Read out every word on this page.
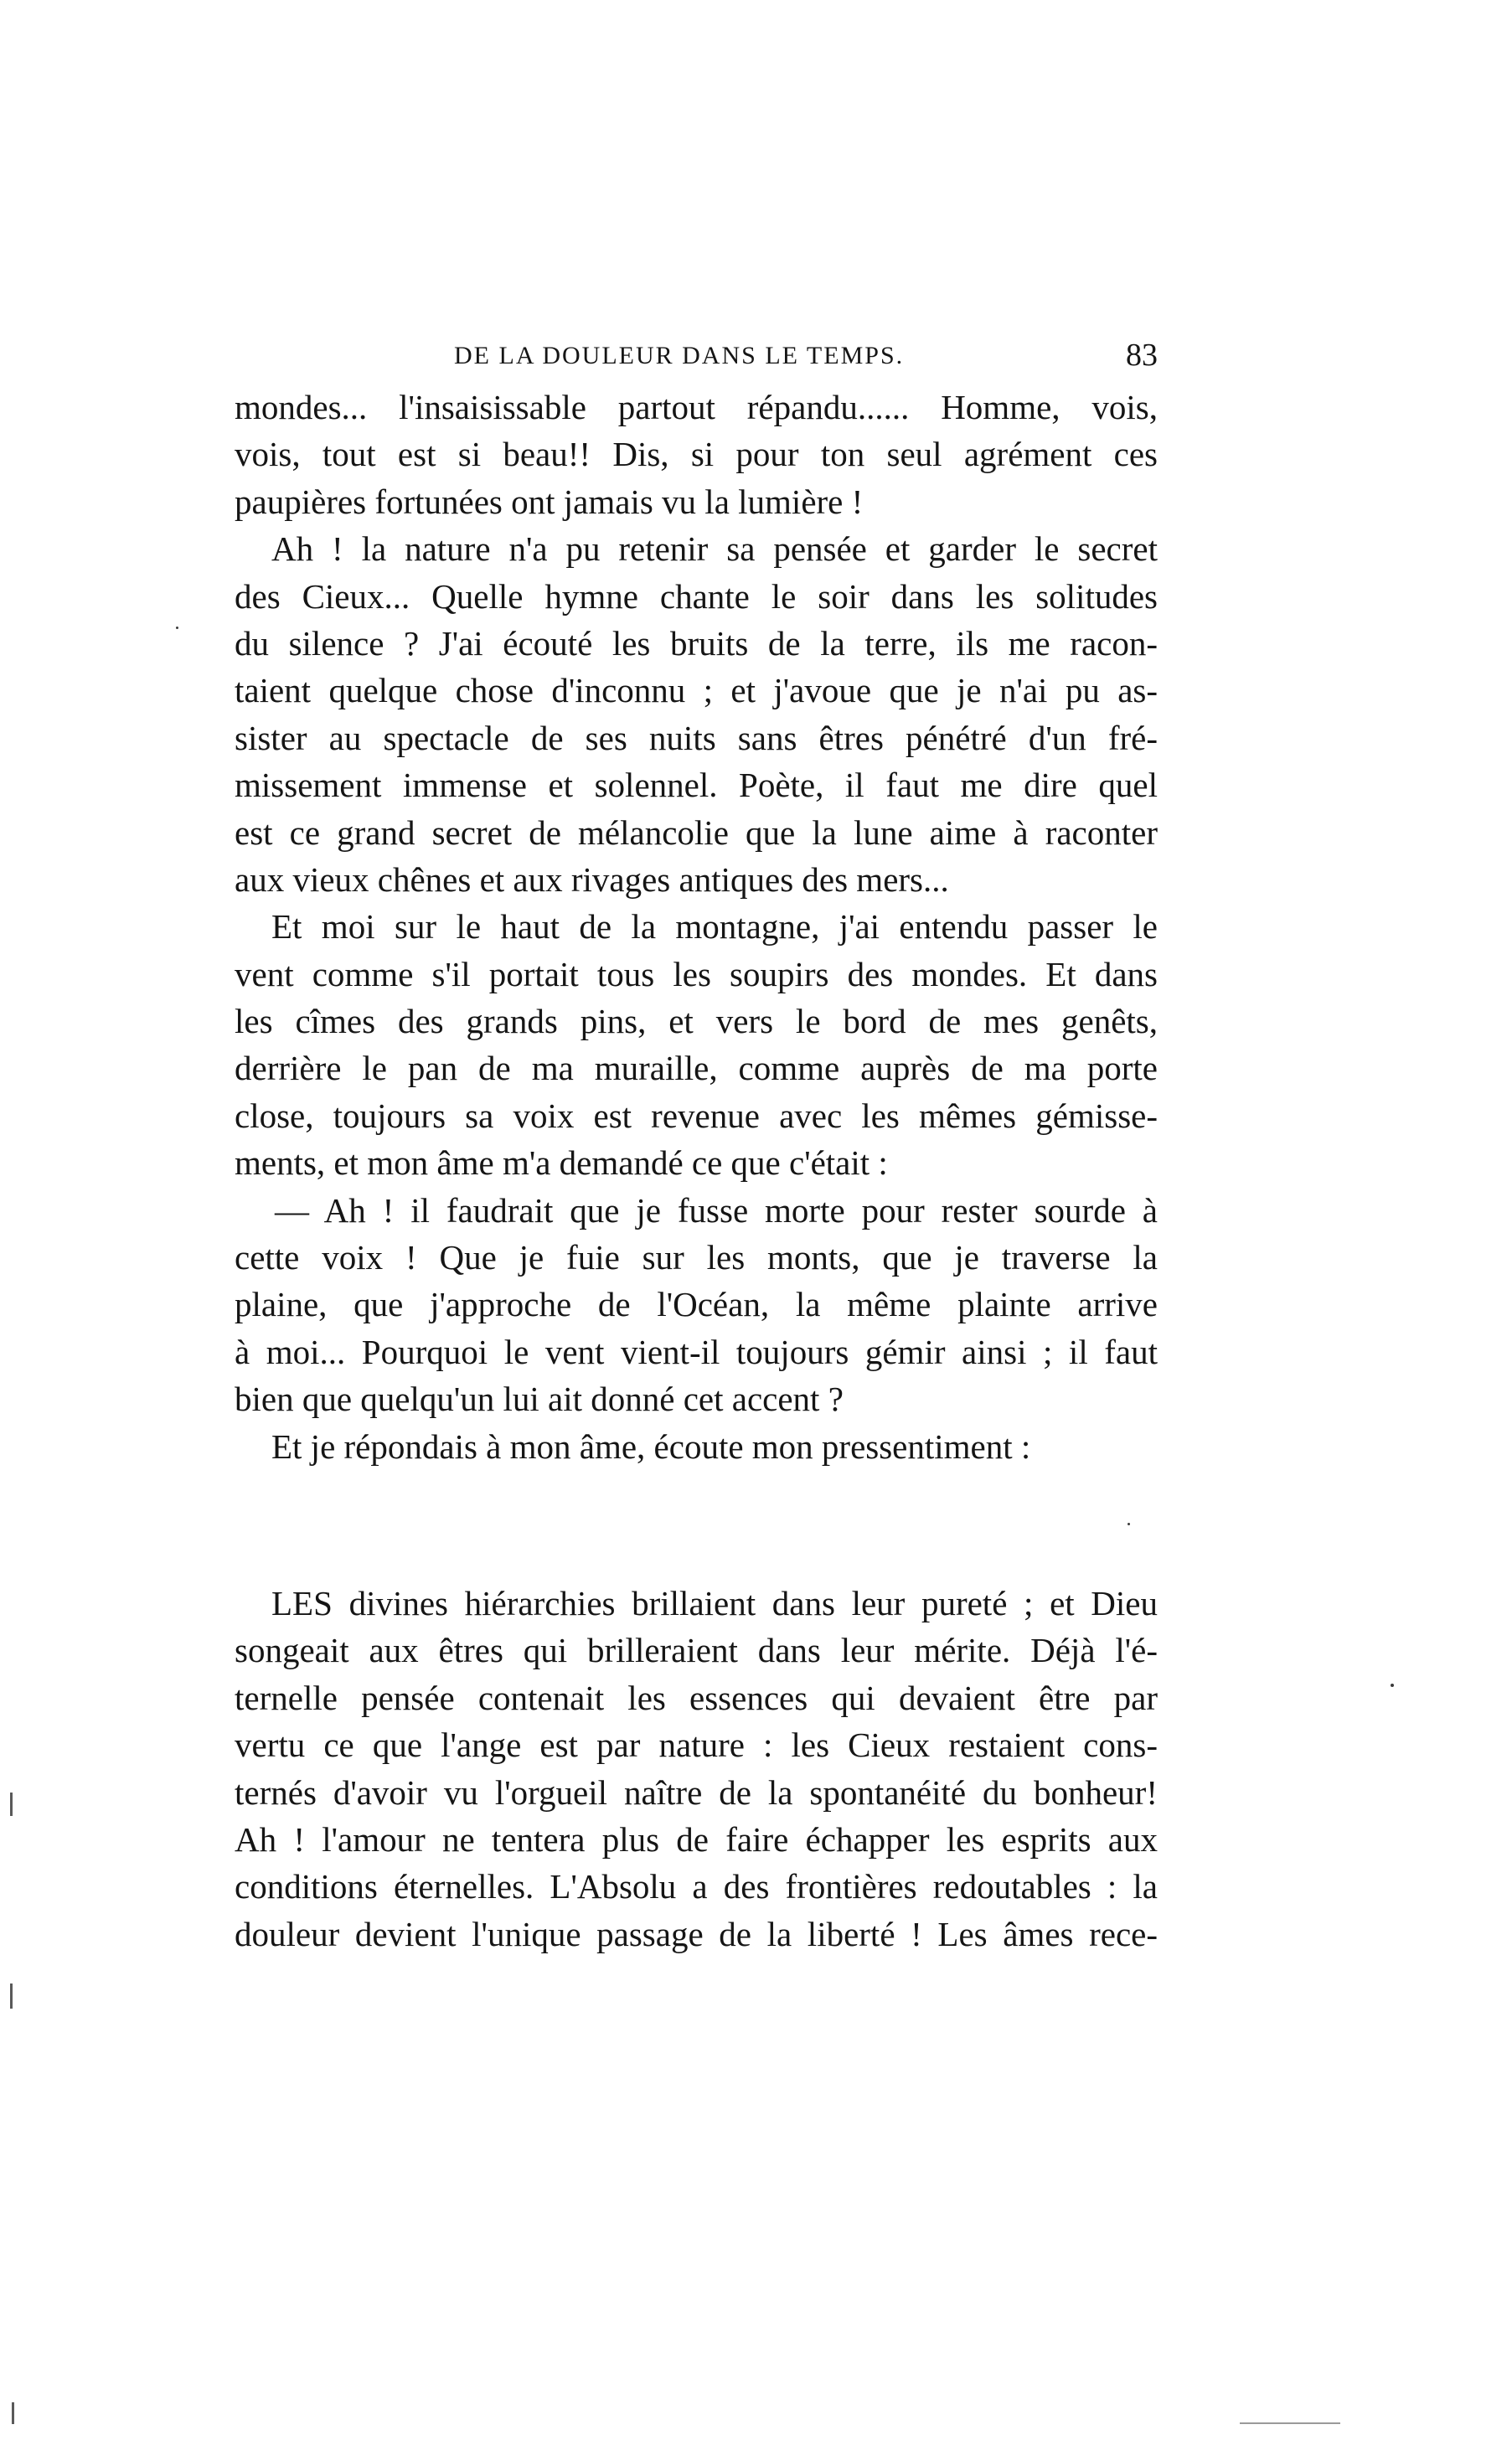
DE LA DOULEUR DANS LE TEMPS.	83
mondes... l'insaisissable partout répandu...... Homme, vois,
vois, tout est si beau!! Dis, si pour ton seul agrément ces
paupières fortunées ont jamais vu la lumière !
Ah ! la nature n'a pu retenir sa pensée et garder le secret
des Cieux... Quelle hymne chante le soir dans les solitudes
du silence ? J'ai écouté les bruits de la terre, ils me racon-
taient quelque chose d'inconnu ; et j'avoue que je n'ai pu as-
sister au spectacle de ses nuits sans êtres pénétré d'un fré-
missement immense et solennel. Poète, il faut me dire quel
est ce grand secret de mélancolie que la lune aime à raconter
aux vieux chênes et aux rivages antiques des mers...
Et moi sur le haut de la montagne, j'ai entendu passer le
vent comme s'il portait tous les soupirs des mondes. Et dans
les cîmes des grands pins, et vers le bord de mes genêts,
derrière le pan de ma muraille, comme auprès de ma porte
close, toujours sa voix est revenue avec les mêmes gémisse-
ments, et mon âme m'a demandé ce que c'était :
— Ah ! il faudrait que je fusse morte pour rester sourde à
cette voix ! Que je fuie sur les monts, que je traverse la
plaine, que j'approche de l'Océan, la même plainte arrive
à moi... Pourquoi le vent vient-il toujours gémir ainsi ; il faut
bien que quelqu'un lui ait donné cet accent ?
Et je répondais à mon âme, écoute mon pressentiment :
LES divines hiérarchies brillaient dans leur pureté ; et Dieu
songeait aux êtres qui brilleraient dans leur mérite. Déjà l'é-
ternelle pensée contenait les essences qui devaient être par
vertu ce que l'ange est par nature : les Cieux restaient cons-
ternés d'avoir vu l'orgueil naître de la spontanéité du bonheur!
Ah ! l'amour ne tentera plus de faire échapper les esprits aux
conditions éternelles. L'Absolu a des frontières redoutables : la
douleur devient l'unique passage de la liberté ! Les âmes rece-
